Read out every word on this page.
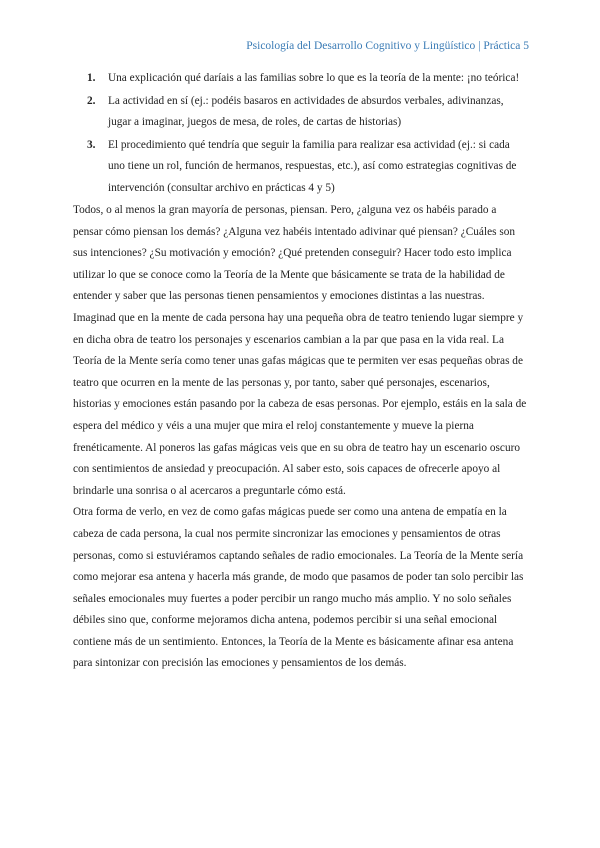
Psicología del Desarrollo Cognitivo y Lingüístico | Práctica 5
1. Una explicación qué daríais a las familias sobre lo que es la teoría de la mente: ¡no teórica!
2. La actividad en sí (ej.: podéis basaros en actividades de absurdos verbales, adivinanzas, jugar a imaginar, juegos de mesa, de roles, de cartas de historias)
3. El procedimiento qué tendría que seguir la familia para realizar esa actividad (ej.: si cada uno tiene un rol, función de hermanos, respuestas, etc.), así como estrategias cognitivas de intervención (consultar archivo en prácticas 4 y 5)

Todos, o al menos la gran mayoría de personas, piensan. Pero, ¿alguna vez os habéis parado a pensar cómo piensan los demás? ¿Alguna vez habéis intentado adivinar qué piensan? ¿Cuáles son sus intenciones? ¿Su motivación y emoción? ¿Qué pretenden conseguir? Hacer todo esto implica utilizar lo que se conoce como la Teoría de la Mente que básicamente se trata de la habilidad de entender y saber que las personas tienen pensamientos y emociones distintas a las nuestras.

Imaginad que en la mente de cada persona hay una pequeña obra de teatro teniendo lugar siempre y en dicha obra de teatro los personajes y escenarios cambian a la par que pasa en la vida real. La Teoría de la Mente sería como tener unas gafas mágicas que te permiten ver esas pequeñas obras de teatro que ocurren en la mente de las personas y, por tanto, saber qué personajes, escenarios, historias y emociones están pasando por la cabeza de esas personas. Por ejemplo, estáis en la sala de espera del médico y véis a una mujer que mira el reloj constantemente y mueve la pierna frenéticamente. Al poneros las gafas mágicas veis que en su obra de teatro hay un escenario oscuro con sentimientos de ansiedad y preocupación. Al saber esto, sois capaces de ofrecerle apoyo al brindarle una sonrisa o al acercaros a preguntarle cómo está.

Otra forma de verlo, en vez de como gafas mágicas puede ser como una antena de empatía en la cabeza de cada persona, la cual nos permite sincronizar las emociones y pensamientos de otras personas, como si estuviéramos captando señales de radio emocionales. La Teoría de la Mente sería como mejorar esa antena y hacerla más grande, de modo que pasamos de poder tan solo percibir las señales emocionales muy fuertes a poder percibir un rango mucho más amplio. Y no solo señales débiles sino que, conforme mejoramos dicha antena, podemos percibir si una señal emocional contiene más de un sentimiento. Entonces, la Teoría de la Mente es básicamente afinar esa antena para sintonizar con precisión las emociones y pensamientos de los demás.
